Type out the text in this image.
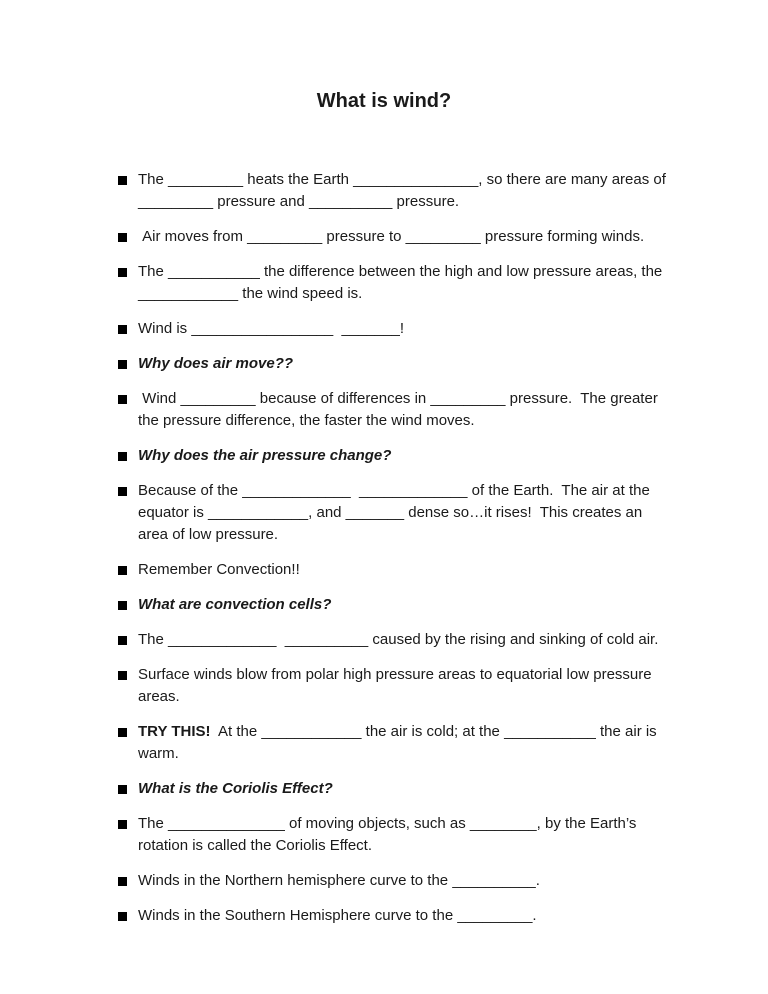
What is wind?
The _________ heats the Earth _______________, so there are many areas of _________ pressure and __________ pressure.
Air moves from _________ pressure to _________ pressure forming winds.
The ___________ the difference between the high and low pressure areas, the ____________ the wind speed is.
Wind is _________________  _______!
Why does air move??
Wind _________ because of differences in _________ pressure.  The greater the pressure difference, the faster the wind moves.
Why does the air pressure change?
Because of the _____________  _____________ of the Earth.  The air at the equator is ____________, and _______ dense so…it rises!  This creates an area of low pressure.
Remember Convection!!
What are convection cells?
The _____________  __________ caused by the rising and sinking of cold air.
Surface winds blow from polar high pressure areas to equatorial low pressure areas.
TRY THIS!  At the ____________ the air is cold; at the ___________ the air is warm.
What is the Coriolis Effect?
The ______________ of moving objects, such as ________, by the Earth’s rotation is called the Coriolis Effect.
Winds in the Northern hemisphere curve to the __________.
Winds in the Southern Hemisphere curve to the _________.
